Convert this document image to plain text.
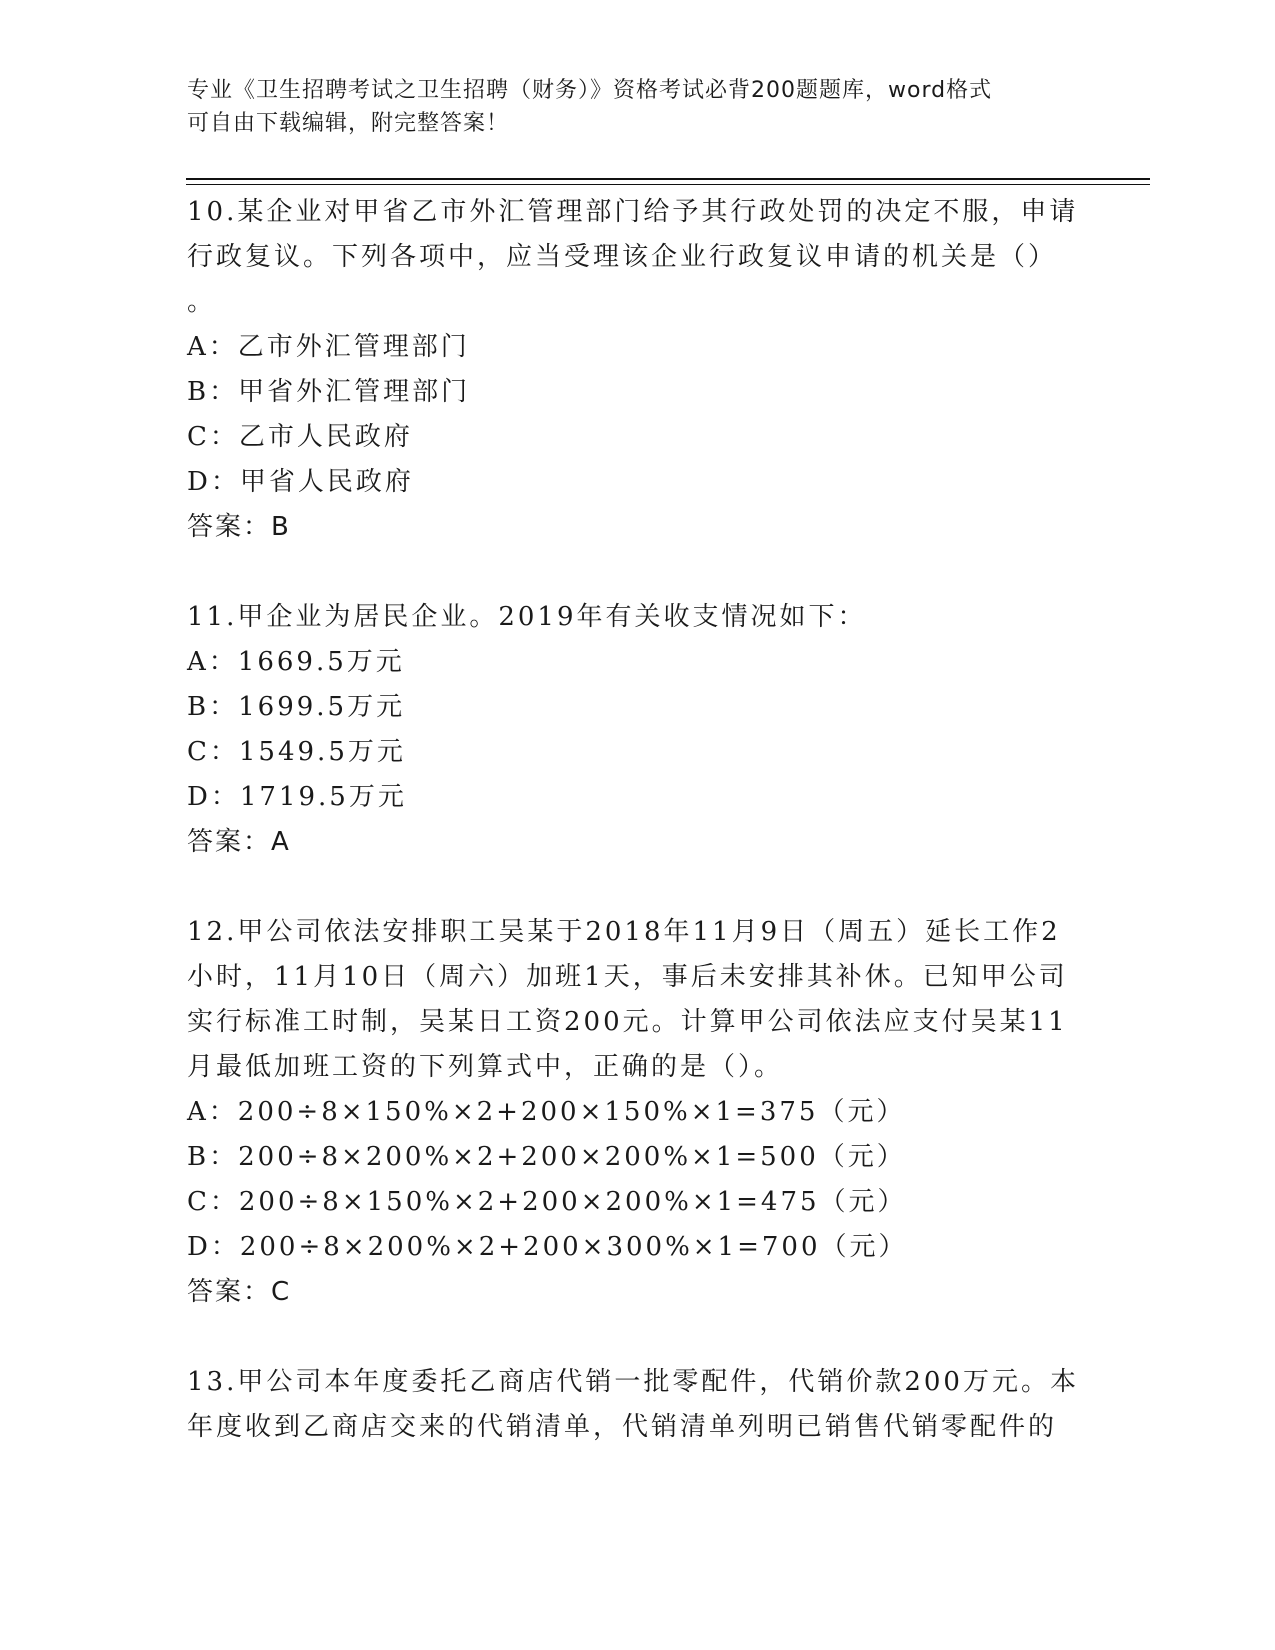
专业《卫生招聘考试之卫生招聘（财务）》资格考试必背200题题库，word格式
可自由下载编辑，附完整答案！

10.某企业对甲省乙市外汇管理部门给予其行政处罚的决定不服，申请

行政复议。下列各项中，应当受理该企业行政复议申请的机关是（）

。

A：乙市外汇管理部门

B：甲省外汇管理部门

C：乙市人民政府

D：甲省人民政府

答案：B

11.甲企业为居民企业。2019年有关收支情况如下：

A：1669.5万元

B：1699.5万元

C：1549.5万元

D：1719.5万元

答案：A

12.甲公司依法安排职工吴某于2018年11月9日（周五）延长工作2

小时，11月10日（周六）加班1天，事后未安排其补休。已知甲公司

实行标准工时制，吴某日工资200元。计算甲公司依法应支付吴某11

月最低加班工资的下列算式中，正确的是（）。

A：200÷8×150%×2+200×150%×1=375（元）

B：200÷8×200%×2+200×200%×1=500（元）

C：200÷8×150%×2+200×200%×1=475（元）

D：200÷8×200%×2+200×300%×1=700（元）

答案：C

13.甲公司本年度委托乙商店代销一批零配件，代销价款200万元。本

年度收到乙商店交来的代销清单，代销清单列明已销售代销零配件的
